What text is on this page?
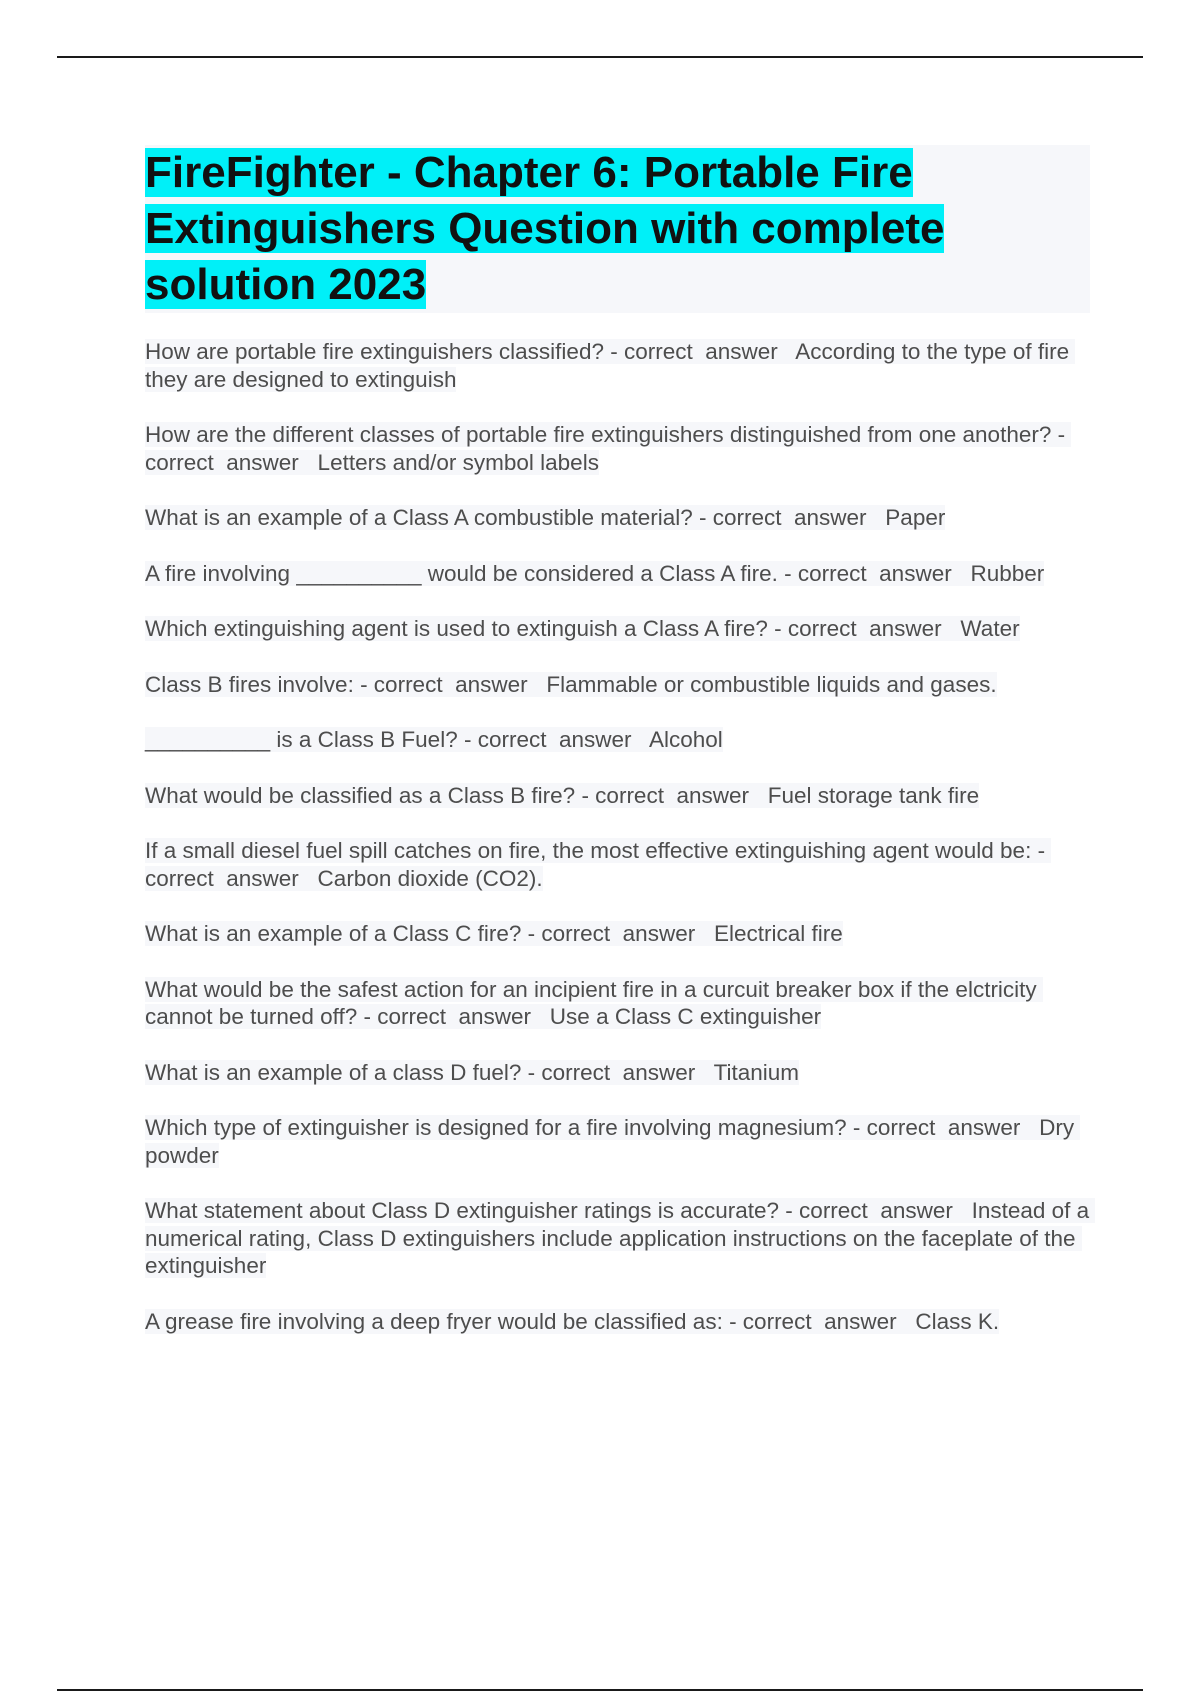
FireFighter - Chapter 6: Portable Fire Extinguishers Question with complete solution 2023

How are portable fire extinguishers classified? - correct  answer   According to the type of fire they are designed to extinguish

How are the different classes of portable fire extinguishers distinguished from one another? - correct  answer   Letters and/or symbol labels

What is an example of a Class A combustible material? - correct  answer   Paper

A fire involving __________ would be considered a Class A fire. - correct  answer   Rubber

Which extinguishing agent is used to extinguish a Class A fire? - correct  answer   Water

Class B fires involve: - correct  answer   Flammable or combustible liquids and gases.

__________ is a Class B Fuel? - correct  answer   Alcohol

What would be classified as a Class B fire? - correct  answer   Fuel storage tank fire

If a small diesel fuel spill catches on fire, the most effective extinguishing agent would be: - correct  answer   Carbon dioxide (CO2).

What is an example of a Class C fire? - correct  answer   Electrical fire

What would be the safest action for an incipient fire in a curcuit breaker box if the elctricity cannot be turned off? - correct  answer   Use a Class C extinguisher

What is an example of a class D fuel? - correct  answer   Titanium

Which type of extinguisher is designed for a fire involving magnesium? - correct  answer   Dry powder

What statement about Class D extinguisher ratings is accurate? - correct  answer   Instead of a numerical rating, Class D extinguishers include application instructions on the faceplate of the extinguisher

A grease fire involving a deep fryer would be classified as: - correct  answer   Class K.
